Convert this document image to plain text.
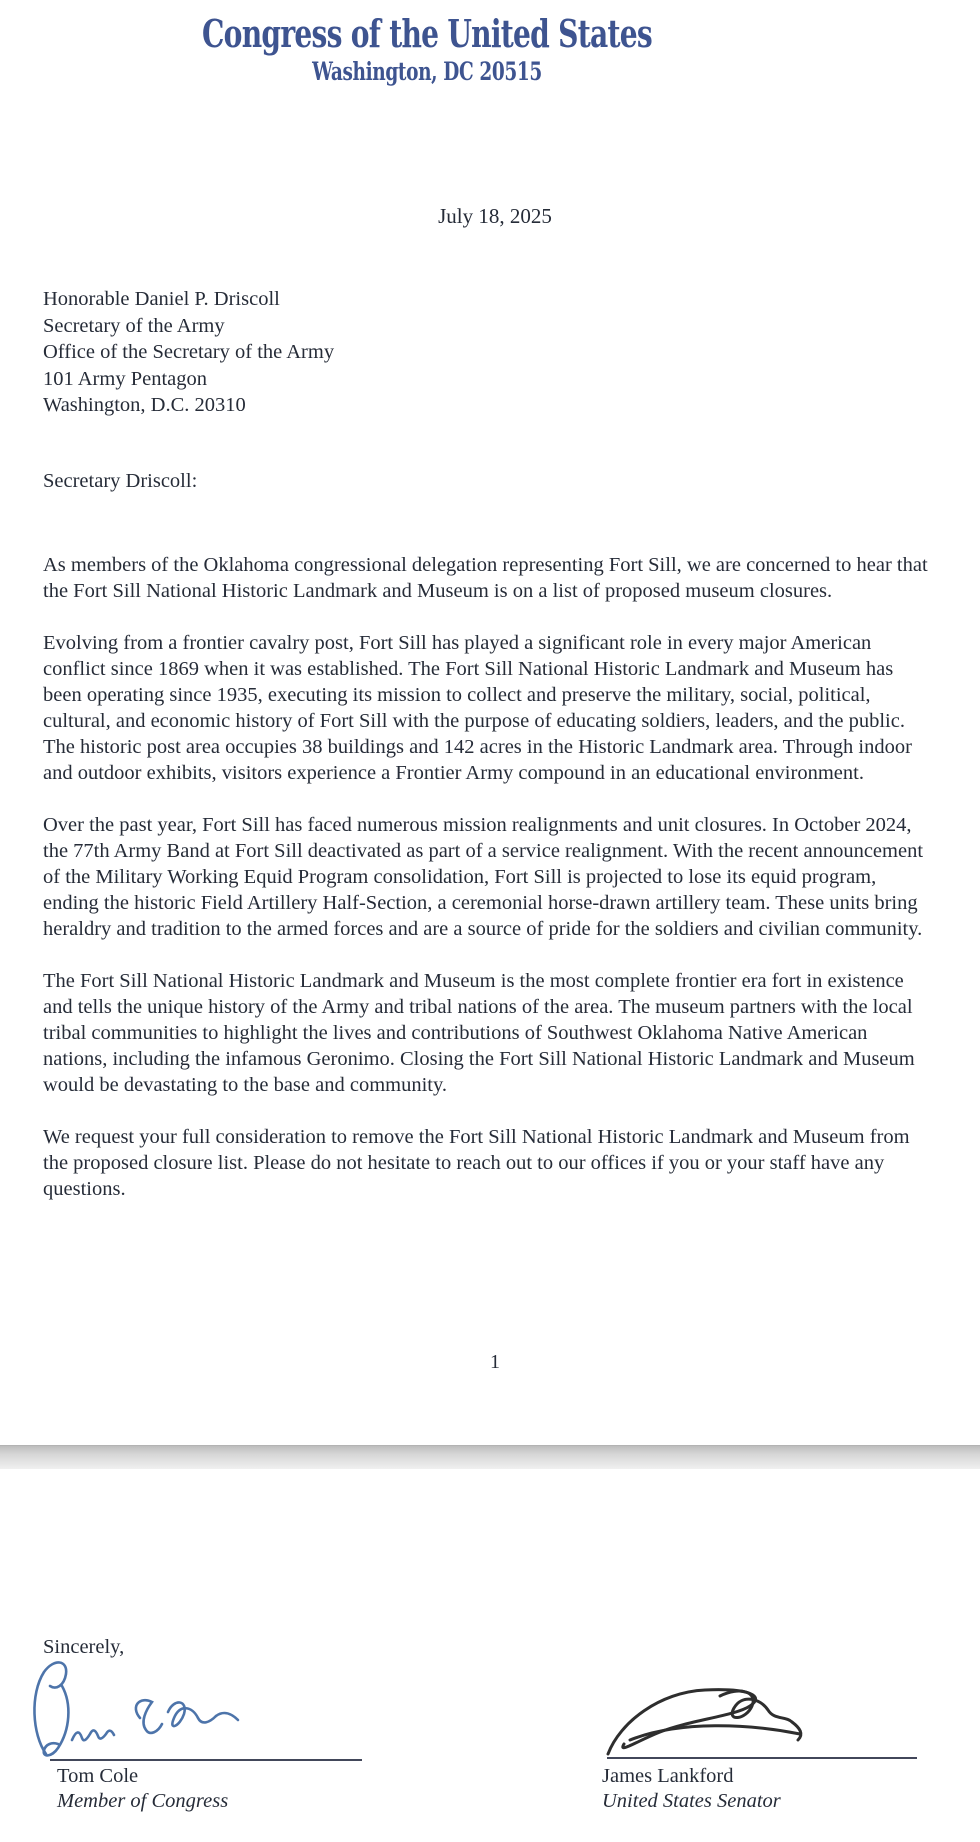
Congress of the United States
Washington, DC 20515
July 18, 2025
Honorable Daniel P. Driscoll
Secretary of the Army
Office of the Secretary of the Army
101 Army Pentagon
Washington, D.C. 20310
Secretary Driscoll:

As members of the Oklahoma congressional delegation representing Fort Sill, we are concerned to hear that the Fort Sill National Historic Landmark and Museum is on a list of proposed museum closures.

Evolving from a frontier cavalry post, Fort Sill has played a significant role in every major American conflict since 1869 when it was established. The Fort Sill National Historic Landmark and Museum has been operating since 1935, executing its mission to collect and preserve the military, social, political, cultural, and economic history of Fort Sill with the purpose of educating soldiers, leaders, and the public. The historic post area occupies 38 buildings and 142 acres in the Historic Landmark area. Through indoor and outdoor exhibits, visitors experience a Frontier Army compound in an educational environment.

Over the past year, Fort Sill has faced numerous mission realignments and unit closures. In October 2024, the 77th Army Band at Fort Sill deactivated as part of a service realignment. With the recent announcement of the Military Working Equid Program consolidation, Fort Sill is projected to lose its equid program, ending the historic Field Artillery Half-Section, a ceremonial horse-drawn artillery team. These units bring heraldry and tradition to the armed forces and are a source of pride for the soldiers and civilian community.

The Fort Sill National Historic Landmark and Museum is the most complete frontier era fort in existence and tells the unique history of the Army and tribal nations of the area. The museum partners with the local tribal communities to highlight the lives and contributions of Southwest Oklahoma Native American nations, including the infamous Geronimo. Closing the Fort Sill National Historic Landmark and Museum would be devastating to the base and community.

We request your full consideration to remove the Fort Sill National Historic Landmark and Museum from the proposed closure list. Please do not hesitate to reach out to our offices if you or your staff have any questions.

1
Sincerely,
Tom Cole
Member of Congress
James Lankford
United States Senator
